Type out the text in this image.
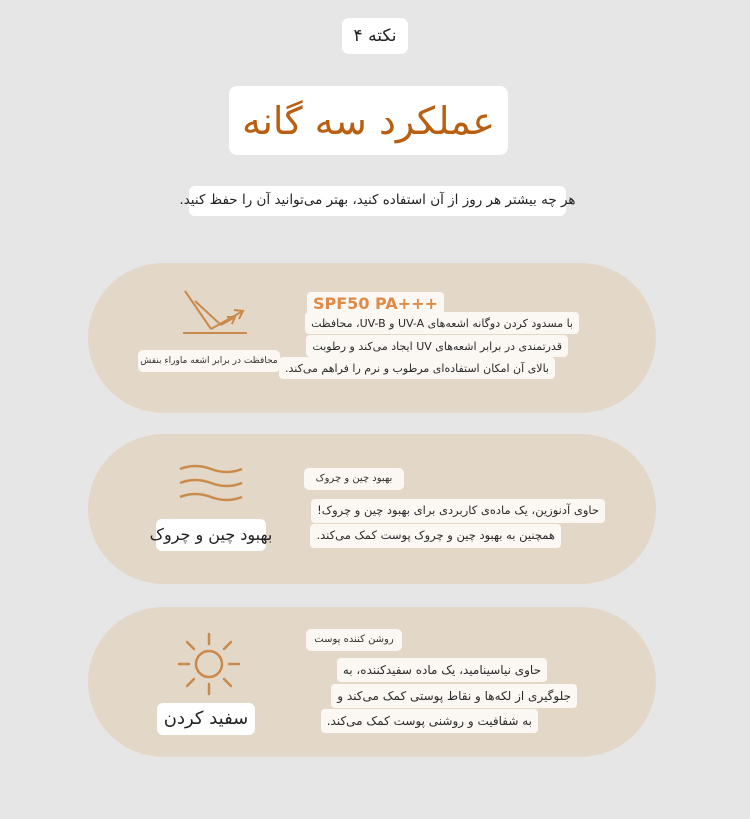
نکته ۴
عملکرد سه گانه
هر چه بیشتر هر روز از آن استفاده کنید، بهتر می‌توانید آن را حفظ کنید.
محافظت در برابر اشعه ماوراء بنفش
SPF50 PA+++
با مسدود کردن دوگانه اشعه‌های UV-A و UV-B، محافظت
قدرتمندی در برابر اشعه‌های UV ایجاد می‌کند و رطوبت
بالای آن امکان استفاده‌ای مرطوب و نرم را فراهم می‌کند.
بهبود چین و چروک
بهبود چین و چروک
حاوی آدنوزین، یک ماده‌ی کاربردی برای بهبود چین و چروک!
همچنین به بهبود چین و چروک پوست کمک می‌کند.
سفید کردن
روشن کننده پوست
حاوی نیاسینامید، یک ماده سفیدکننده، به
جلوگیری از لکه‌ها و نقاط پوستی کمک می‌کند و
به شفافیت و روشنی پوست کمک می‌کند.
